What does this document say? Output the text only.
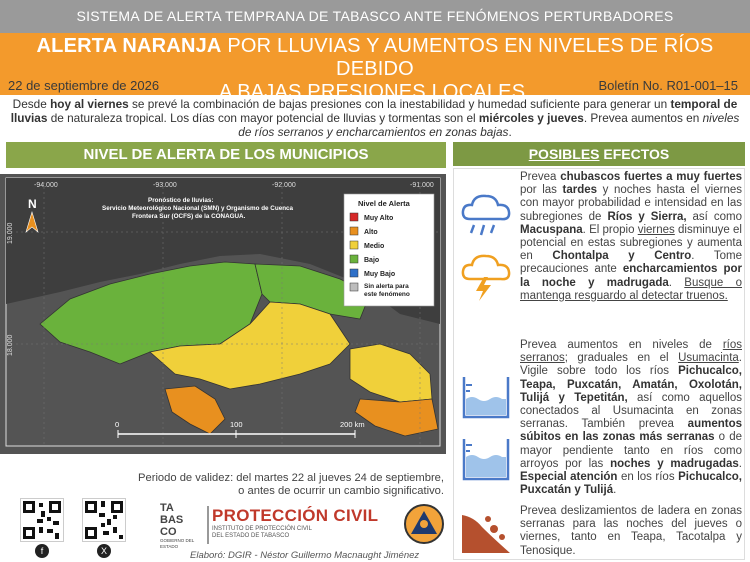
SISTEMA DE ALERTA TEMPRANA DE TABASCO ANTE FENÓMENOS PERTURBADORES
ALERTA NARANJA POR LLUVIAS Y AUMENTOS EN NIVELES DE RÍOS DEBIDO
A BAJAS PRESIONES LOCALES.
22 de septiembre de 2026	Boletín No. R01-001–15
Desde hoy al viernes se prevé la combinación de bajas presiones con la inestabilidad y humedad suficiente para generar un temporal de lluvias de naturaleza tropical. Los días con mayor potencial de lluvias y tormentas son el miércoles y jueves. Prevea aumentos en niveles de ríos serranos y encharcamientos en zonas bajas.
NIVEL DE ALERTA DE LOS MUNICIPIOS
-94.000	-93.000	-92.000	-91.000
19.000
18.000
N	Pronóstico de lluvias:
Servicio Meteorológico Nacional (SMN) y Organismo de Cuenca
Frontera Sur (OCFS) de la CONAGUA.
Nivel de Alerta
Muy Alto
Alto
Medio
Bajo
Muy Bajo
Sin alerta para este fenómeno
0	100	200 km
Periodo de validez: del martes 22 al jueves 24 de septiembre,
o antes de ocurrir un cambio significativo.
f	X
TA
BAS
CO
GOBIERNO DEL ESTADO
PROTECCIÓN CIVIL
INSTITUTO DE PROTECCIÓN CIVIL
DEL ESTADO DE TABASCO
Elaboró: DGIR - Néstor Guillermo Macnaught Jiménez
POSIBLES EFECTOS
Prevea chubascos fuertes a muy fuertes por las tardes y noches hasta el viernes con mayor probabilidad e intensidad en las subregiones de Ríos y Sierra, así como Macuspana. El propio viernes disminuye el potencial en estas subregiones y aumenta en Chontalpa y Centro. Tome precauciones ante encharcamientos por la noche y madrugada. Busque o mantenga resguardo al detectar truenos.
Prevea aumentos en niveles de ríos serranos; graduales en el Usumacinta. Vigile sobre todo los ríos Pichucalco, Teapa, Puxcatán, Amatán, Oxolotán, Tulijá y Tepetitán, así como aquellos conectados al Usumacinta en zonas serranas. También prevea aumentos súbitos en las zonas más serranas o de mayor pendiente tanto en ríos como arroyos por las noches y madrugadas. Especial atención en los ríos Pichucalco, Puxcatán y Tulijá.
Prevea deslizamientos de ladera en zonas serranas para las noches del jueves o viernes, tanto en Teapa, Tacotalpa y Tenosique.
